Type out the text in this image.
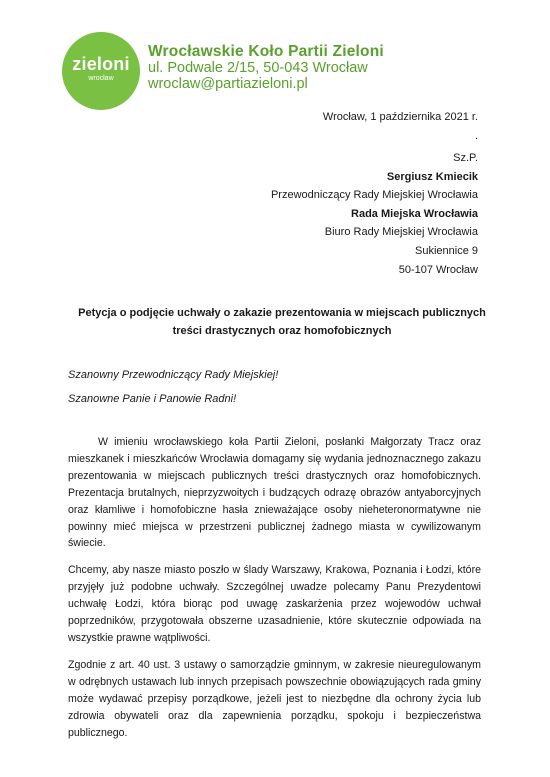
zieloni
wrocław
Wrocławskie Koło Partii Zieloni
ul. Podwale 2/15, 50-043 Wrocław
wroclaw@partiazieloni.pl
Wrocław, 1 października 2021 r.
.
Sz.P.
Sergiusz Kmiecik
Przewodniczący Rady Miejskiej Wrocławia
Rada Miejska Wrocławia
Biuro Rady Miejskiej Wrocławia
Sukiennice 9
50-107 Wrocław
Petycja o podjęcie uchwały o zakazie prezentowania w miejscach publicznych treści drastycznych oraz homofobicznych
Szanowny Przewodniczący Rady Miejskiej!
Szanowne Panie i Panowie Radni!

W imieniu wrocławskiego koła Partii Zieloni, posłanki Małgorzaty Tracz oraz mieszkanek i mieszkańców Wrocławia domagamy się wydania jednoznacznego zakazu prezentowania w miejscach publicznych treści drastycznych oraz homofobicznych. Prezentacja brutalnych, nieprzyzwoitych i budzących odrazę obrazów antyaborcyjnych oraz kłamliwe i homofobiczne hasła znieważające osoby nieheteronormatywne nie powinny mieć miejsca w przestrzeni publicznej żadnego miasta w cywilizowanym świecie.

Chcemy, aby nasze miasto poszło w ślady Warszawy, Krakowa, Poznania i Łodzi, które przyjęły już podobne uchwały. Szczególnej uwadze polecamy Panu Prezydentowi uchwałę Łodzi, która biorąc pod uwagę zaskarżenia przez wojewodów uchwał poprzedników, przygotowała obszerne uzasadnienie, które skutecznie odpowiada na wszystkie prawne wątpliwości.

Zgodnie z art. 40 ust. 3 ustawy o samorządzie gminnym, w zakresie nieuregulowanym w odrębnych ustawach lub innych przepisach powszechnie obowiązujących rada gminy może wydawać przepisy porządkowe, jeżeli jest to niezbędne dla ochrony życia lub zdrowia obywateli oraz dla zapewnienia porządku, spokoju i bezpieczeństwa publicznego.
